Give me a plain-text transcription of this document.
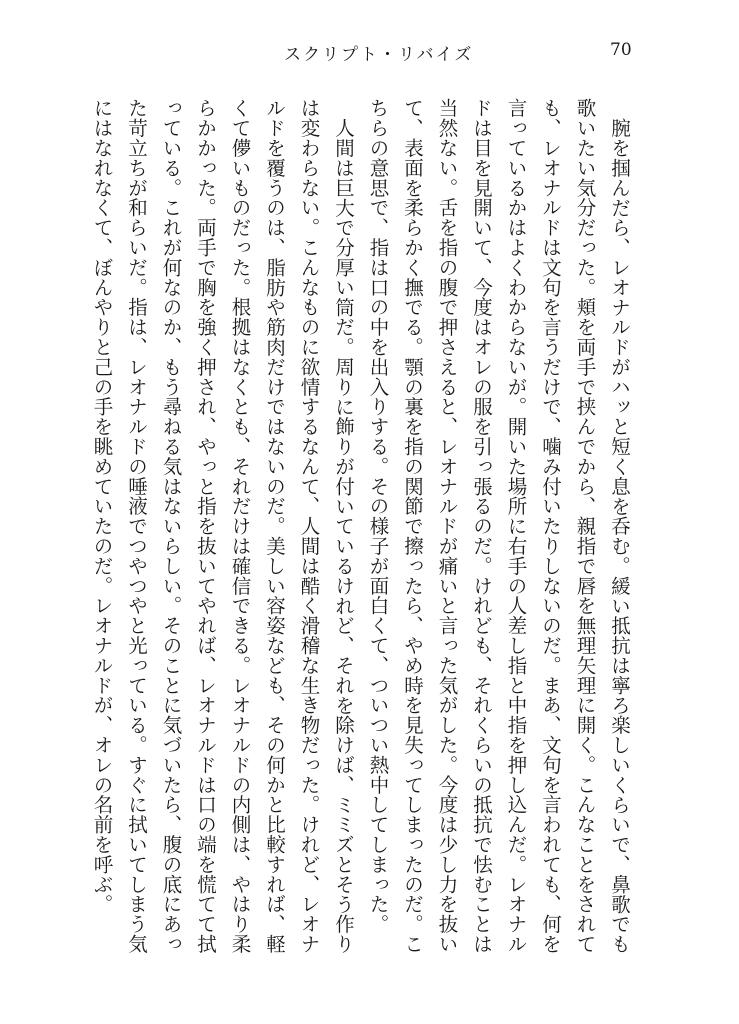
スクリプト・リバイズ	70

腕を掴んだら、レオナルドがハッと短く息を呑む。緩い抵抗は寧ろ楽しいくらいで、鼻歌でも歌いたい気分だった。頬を両手で挟んでから、親指で唇を無理矢理に開く。こんなことをされても、レオナルドは文句を言うだけで、噛み付いたりしないのだ。まあ、文句を言われても、何を言っているかはよくわからないが。開いた場所に右手の人差し指と中指を押し込んだ。レオナルドは目を見開いて、今度はオレの服を引っ張るのだ。けれども、それくらいの抵抗で怯むことは当然ない。舌を指の腹で押さえると、レオナルドが痛いと言った気がした。今度は少し力を抜いて、表面を柔らかく撫でる。顎の裏を指の関節で擦ったら、やめ時を見失ってしまったのだ。こちらの意思で、指は口の中を出入りする。その様子が面白くて、ついつい熱中してしまった。

人間は巨大で分厚い筒だ。周りに飾りが付いているけれど、それを除けば、ミミズとそう作りは変わらない。こんなものに欲情するなんて、人間は酷く滑稽な生き物だった。けれど、レオナルドを覆うのは、脂肪や筋肉だけではないのだ。美しい容姿なども、その何かと比較すれば、軽くて儚いものだった。根拠はなくとも、それだけは確信できる。レオナルドの内側は、やはり柔らかかった。両手で胸を強く押され、やっと指を抜いてやれば、レオナルドは口の端を慌てて拭っている。これが何なのか、もう尋ねる気はないらしい。そのことに気づいたら、腹の底にあった苛立ちが和らいだ。指は、レオナルドの唾液でつやつやと光っている。すぐに拭いてしまう気にはなれなくて、ぼんやりと己の手を眺めていたのだ。レオナルドが、オレの名前を呼ぶ。
